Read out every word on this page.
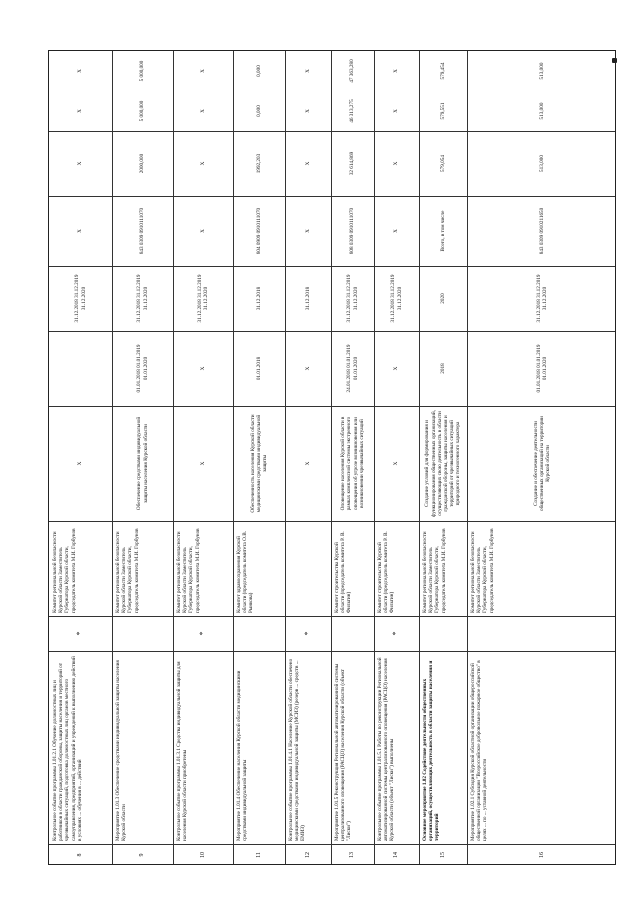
8
Контрольное событие программы 1.01.2.1 Обучение должностных лиц и работников в области гражданской обороны, защиты населения и территорий от чрезвычайных ситуаций, подготовка должностных лиц органов местного самоуправления, предприятий, организаций и учреждений к выполнению действий в условиях ... обучения в ... действий
*
Комитет региональной безопасности Курской области Заместитель Губернатора Курской области, председатель комитета М.И. Горбунов
Х
31.12.2018 31.12.2019 31.12.2020
Х
Х
Х
Х
9
Мероприятие 1.01.3 Обеспечение средствами индивидуальной защиты населения Курской области
Комитет региональной безопасности Курской области Заместитель Губернатора Курской области, председатель комитета М.И. Горбунов
Обеспечение средствами индивидуальной защиты населения Курской области
01.01.2018 01.01.2019 01.01.2020
31.12.2018 31.12.2019 31.12.2020
843 0309 0910111070
2000,000
5 000,000
5 000,000
10
Контрольное событие программы 1.01.3.1 Средства индивидуальной защиты для населения Курской области приобретены
*
Комитет региональной безопасности Курской области Заместитель Губернатора Курской области, председатель комитета М.И. Горбунов
Х
Х
31.12.2018 31.12.2019 31.12.2020
Х
Х
Х
Х
11
Мероприятие 1.01.4 Обеспечение населения Курской области медицинскими средствами индивидуальной защиты
Комитет здравоохранения Курской области (председатель комитета О.В. Рынкова)
Обеспеченность населения Курской области медицинскими средствами индивидуальной защиты
01.01.2018
31.12.2018
804 0909 0910111070
1992,203
0,000
0,000
12
Контрольное событие программы 1.01.4.1 Население Курской области обеспечено медицинскими средствами индивидуальной защиты (МСИЗ) (резерв ... средств ... ЕМИЗ)
*
Х
Х
31.12.2018
Х
Х
Х
Х
13
Мероприятие 1.01.5 Реконструкция Региональной автоматизированной системы централизованного оповещения (РАСЦО) населения Курской области (объект "Лиски")
Комитет строительства Курской области (председатель комитета Р. В. Фильтин)
Оповещение населения Курской области в рамках комплексной системы экстренного оповещения об угрозе возникновения или возникновении чрезвычайных ситуаций
24.01.2018 01.01.2019 01.01.2020
31.12.2018 31.12.2019 31.12.2020
808 0309 0910111070
32 614,869
46 313,275
47 363,280
14
Контрольное событие программы 1.01.5.1 Работы по реконструкции Региональной автоматизированной системы централизованного оповещения (РАСЦО) населения Курской области (объект "Лиски") выполнены
*
Комитет строительства Курской области (председатель комитета Р. В. Фильтин)
Х
Х
31.12.2018 31.12.2019 31.12.2020
Х
Х
Х
Х
15
Основное мероприятие 1.02 Содействие деятельности общественных организаций, осуществляющих деятельность в области защиты населения и территорий
Комитет региональной безопасности Курской области Заместитель Губернатора Курской области, председатель комитета М.И. Горбунов
Создание условий для формирования и функционирования общественных организаций, осуществляющих свою деятельность в области гражданской обороны, защиты населения и территорий от чрезвычайных ситуаций природного и техногенного характера
2018
2020
Всего, в том числе
579,054
579,551
579,454
16
Мероприятие 1.02.1 Субсидия Курской областной организации общероссийской общественной организации "Всероссийское добровольное пожарное общество" в целях ... по ... уставной деятельности
Комитет региональной безопасности Курской области Заместитель Губернатора Курской области, председатель комитета М.И. Горбунов
Создание и обеспечение деятельности общественных организаций на территории Курской области
01.01.2018 01.01.2019 01.01.2020
31.12.2018 31.12.2019 31.12.2020
843 0309 0910211650
513,000
513,000
513,000
